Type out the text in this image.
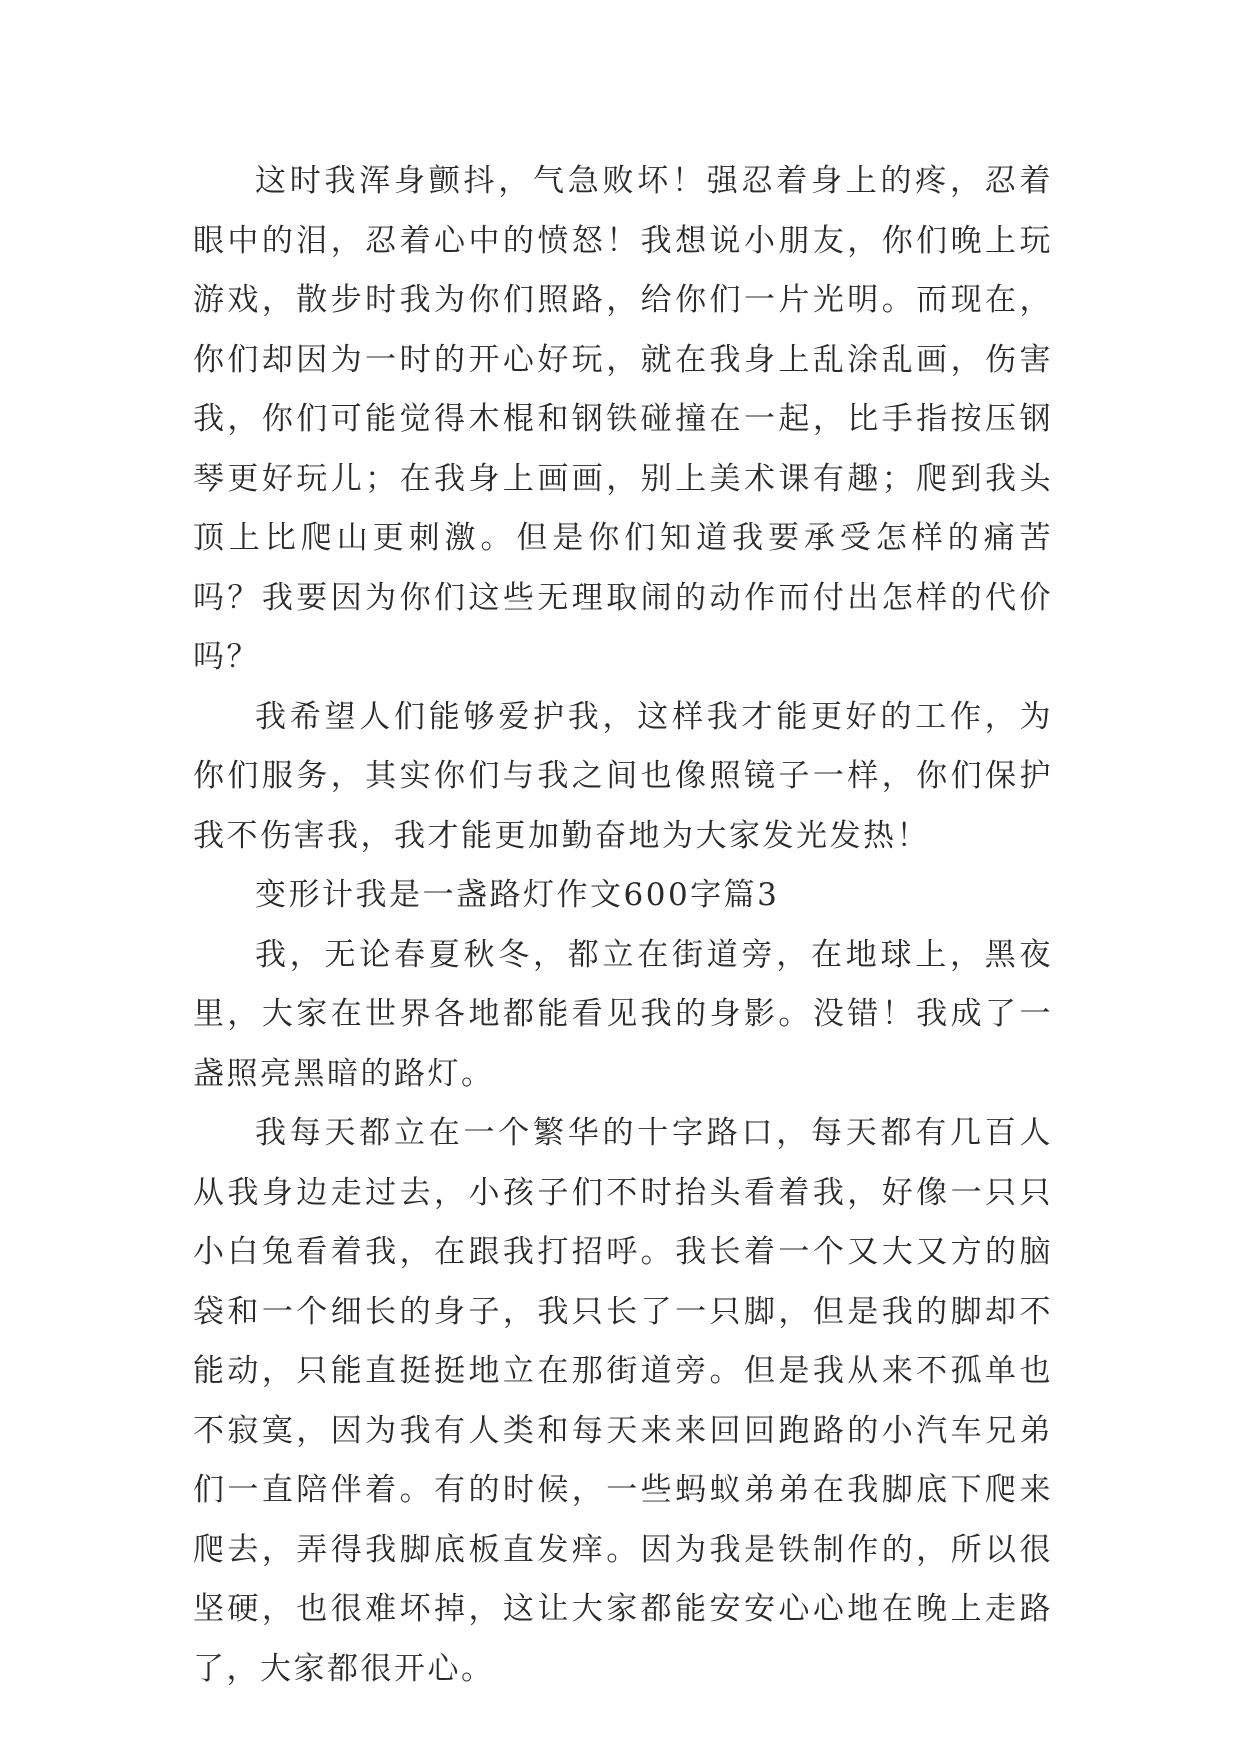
这时我浑身颤抖，气急败坏！强忍着身上的疼，忍着眼中的泪，忍着心中的愤怒！我想说小朋友，你们晚上玩游戏，散步时我为你们照路，给你们一片光明。而现在，你们却因为一时的开心好玩，就在我身上乱涂乱画，伤害我，你们可能觉得木棍和钢铁碰撞在一起，比手指按压钢琴更好玩儿；在我身上画画，别上美术课有趣；爬到我头顶上比爬山更刺激。但是你们知道我要承受怎样的痛苦吗？我要因为你们这些无理取闹的动作而付出怎样的代价吗？

我希望人们能够爱护我，这样我才能更好的工作，为你们服务，其实你们与我之间也像照镜子一样，你们保护我不伤害我，我才能更加勤奋地为大家发光发热！

变形计我是一盏路灯作文600字篇3

我，无论春夏秋冬，都立在街道旁，在地球上，黑夜里，大家在世界各地都能看见我的身影。没错！我成了一盏照亮黑暗的路灯。

我每天都立在一个繁华的十字路口，每天都有几百人从我身边走过去，小孩子们不时抬头看着我，好像一只只小白兔看着我，在跟我打招呼。我长着一个又大又方的脑袋和一个细长的身子，我只长了一只脚，但是我的脚却不能动，只能直挺挺地立在那街道旁。但是我从来不孤单也不寂寞，因为我有人类和每天来来回回跑路的小汽车兄弟们一直陪伴着。有的时候，一些蚂蚁弟弟在我脚底下爬来爬去，弄得我脚底板直发痒。因为我是铁制作的，所以很坚硬，也很难坏掉，这让大家都能安安心心地在晚上走路了，大家都很开心。
